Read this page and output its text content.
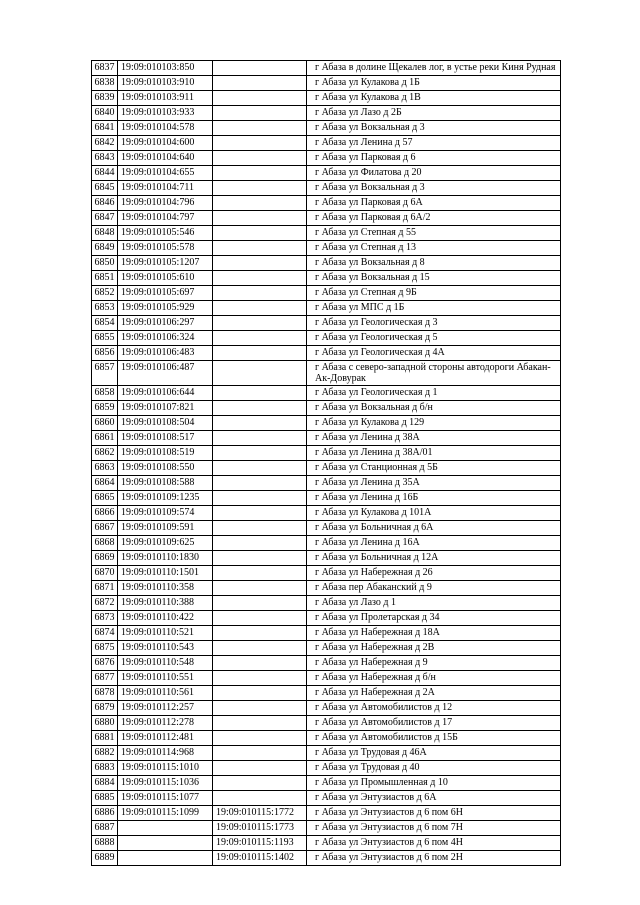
6837	19:09:010103:850		г Абаза в долине Щекалев лог, в устье реки Киня Рудная
6838	19:09:010103:910		г Абаза ул Кулакова д 1Б
6839	19:09:010103:911		г Абаза ул Кулакова д 1В
6840	19:09:010103:933		г Абаза ул Лазо д 2Б
6841	19:09:010104:578		г Абаза ул Вокзальная д 3
6842	19:09:010104:600		г Абаза ул Ленина д 57
6843	19:09:010104:640		г Абаза ул Парковая д 6
6844	19:09:010104:655		г Абаза ул Филатова д 20
6845	19:09:010104:711		г Абаза ул Вокзальная д 3
6846	19:09:010104:796		г Абаза ул Парковая д 6А
6847	19:09:010104:797		г Абаза ул Парковая д 6А/2
6848	19:09:010105:546		г Абаза ул Степная д 55
6849	19:09:010105:578		г Абаза ул Степная д 13
6850	19:09:010105:1207		г Абаза ул Вокзальная д 8
6851	19:09:010105:610		г Абаза ул Вокзальная д 15
6852	19:09:010105:697		г Абаза ул Степная д 9Б
6853	19:09:010105:929		г Абаза ул МПС д 1Б
6854	19:09:010106:297		г Абаза ул Геологическая д 3
6855	19:09:010106:324		г Абаза ул Геологическая д 5
6856	19:09:010106:483		г Абаза ул Геологическая д 4А
6857	19:09:010106:487		г Абаза с северо-западной стороны автодороги Абакан-Ак-Довурак
6858	19:09:010106:644		г Абаза ул Геологическая д 1
6859	19:09:010107:821		г Абаза ул Вокзальная д б/н
6860	19:09:010108:504		г Абаза ул Кулакова д 129
6861	19:09:010108:517		г Абаза ул Ленина д 38А
6862	19:09:010108:519		г Абаза ул Ленина д 38А/01
6863	19:09:010108:550		г Абаза ул Станционная д 5Б
6864	19:09:010108:588		г Абаза ул Ленина д 35А
6865	19:09:010109:1235		г Абаза ул Ленина д 16Б
6866	19:09:010109:574		г Абаза ул Кулакова д 101А
6867	19:09:010109:591		г Абаза ул Больничная д 6А
6868	19:09:010109:625		г Абаза ул Ленина д 16А
6869	19:09:010110:1830		г Абаза ул Больничная д 12А
6870	19:09:010110:1501		г Абаза ул Набережная д 26
6871	19:09:010110:358		г Абаза пер Абаканский д 9
6872	19:09:010110:388		г Абаза ул Лазо д 1
6873	19:09:010110:422		г Абаза ул Пролетарская д 34
6874	19:09:010110:521		г Абаза ул Набережная д 18А
6875	19:09:010110:543		г Абаза ул Набережная д 2В
6876	19:09:010110:548		г Абаза ул Набережная д 9
6877	19:09:010110:551		г Абаза ул Набережная д б/н
6878	19:09:010110:561		г Абаза ул Набережная д 2А
6879	19:09:010112:257		г Абаза ул Автомобилистов д 12
6880	19:09:010112:278		г Абаза ул Автомобилистов д 17
6881	19:09:010112:481		г Абаза ул Автомобилистов д 15Б
6882	19:09:010114:968		г Абаза ул Трудовая д 46А
6883	19:09:010115:1010		г Абаза ул Трудовая д 40
6884	19:09:010115:1036		г Абаза ул Промышленная д 10
6885	19:09:010115:1077		г Абаза ул Энтузиастов д 6А
6886	19:09:010115:1099	19:09:010115:1772	г Абаза ул Энтузиастов д 6 пом 6Н
6887		19:09:010115:1773	г Абаза ул Энтузиастов д 6 пом 7Н
6888		19:09:010115:1193	г Абаза ул Энтузиастов д 6 пом 4Н
6889		19:09:010115:1402	г Абаза ул Энтузиастов д 6 пом 2Н
